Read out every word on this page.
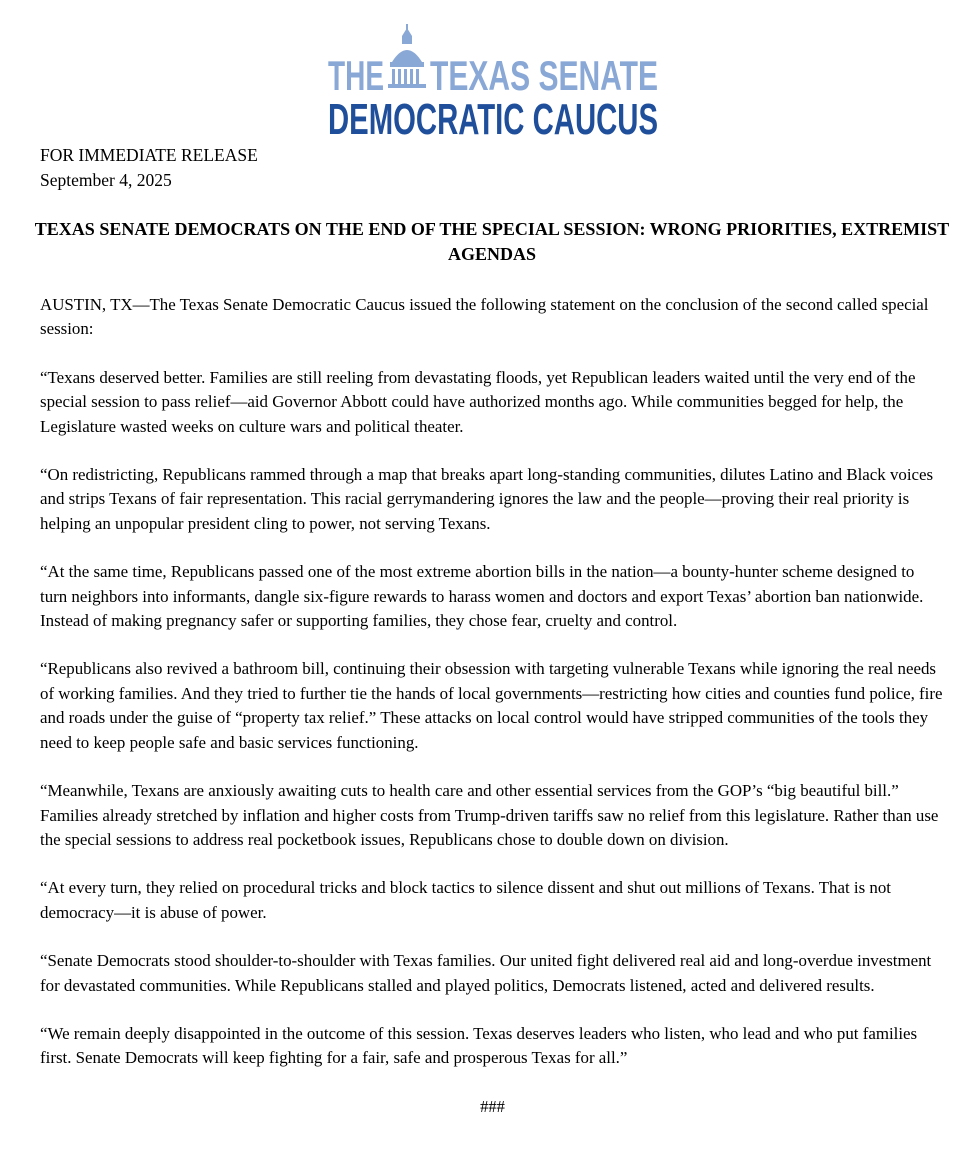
THE TEXAS SENATE
DEMOCRATIC CAUCUS
FOR IMMEDIATE RELEASE
September 4, 2025
TEXAS SENATE DEMOCRATS ON THE END OF THE SPECIAL SESSION: WRONG PRIORITIES, EXTREMIST AGENDAS

AUSTIN, TX—The Texas Senate Democratic Caucus issued the following statement on the conclusion of the second called special session:

“Texans deserved better. Families are still reeling from devastating floods, yet Republican leaders waited until the very end of the special session to pass relief—aid Governor Abbott could have authorized months ago. While communities begged for help, the Legislature wasted weeks on culture wars and political theater.

“On redistricting, Republicans rammed through a map that breaks apart long-standing communities, dilutes Latino and Black voices and strips Texans of fair representation. This racial gerrymandering ignores the law and the people—proving their real priority is helping an unpopular president cling to power, not serving Texans.

“At the same time, Republicans passed one of the most extreme abortion bills in the nation—a bounty-hunter scheme designed to turn neighbors into informants, dangle six-figure rewards to harass women and doctors and export Texas’ abortion ban nationwide. Instead of making pregnancy safer or supporting families, they chose fear, cruelty and control.

“Republicans also revived a bathroom bill, continuing their obsession with targeting vulnerable Texans while ignoring the real needs of working families. And they tried to further tie the hands of local governments—restricting how cities and counties fund police, fire and roads under the guise of “property tax relief.” These attacks on local control would have stripped communities of the tools they need to keep people safe and basic services functioning.

“Meanwhile, Texans are anxiously awaiting cuts to health care and other essential services from the GOP’s “big beautiful bill.” Families already stretched by inflation and higher costs from Trump-driven tariffs saw no relief from this legislature. Rather than use the special sessions to address real pocketbook issues, Republicans chose to double down on division.

“At every turn, they relied on procedural tricks and block tactics to silence dissent and shut out millions of Texans. That is not democracy—it is abuse of power.

“Senate Democrats stood shoulder-to-shoulder with Texas families. Our united fight delivered real aid and long-overdue investment for devastated communities. While Republicans stalled and played politics, Democrats listened, acted and delivered results.

“We remain deeply disappointed in the outcome of this session. Texas deserves leaders who listen, who lead and who put families first. Senate Democrats will keep fighting for a fair, safe and prosperous Texas for all.”

###
